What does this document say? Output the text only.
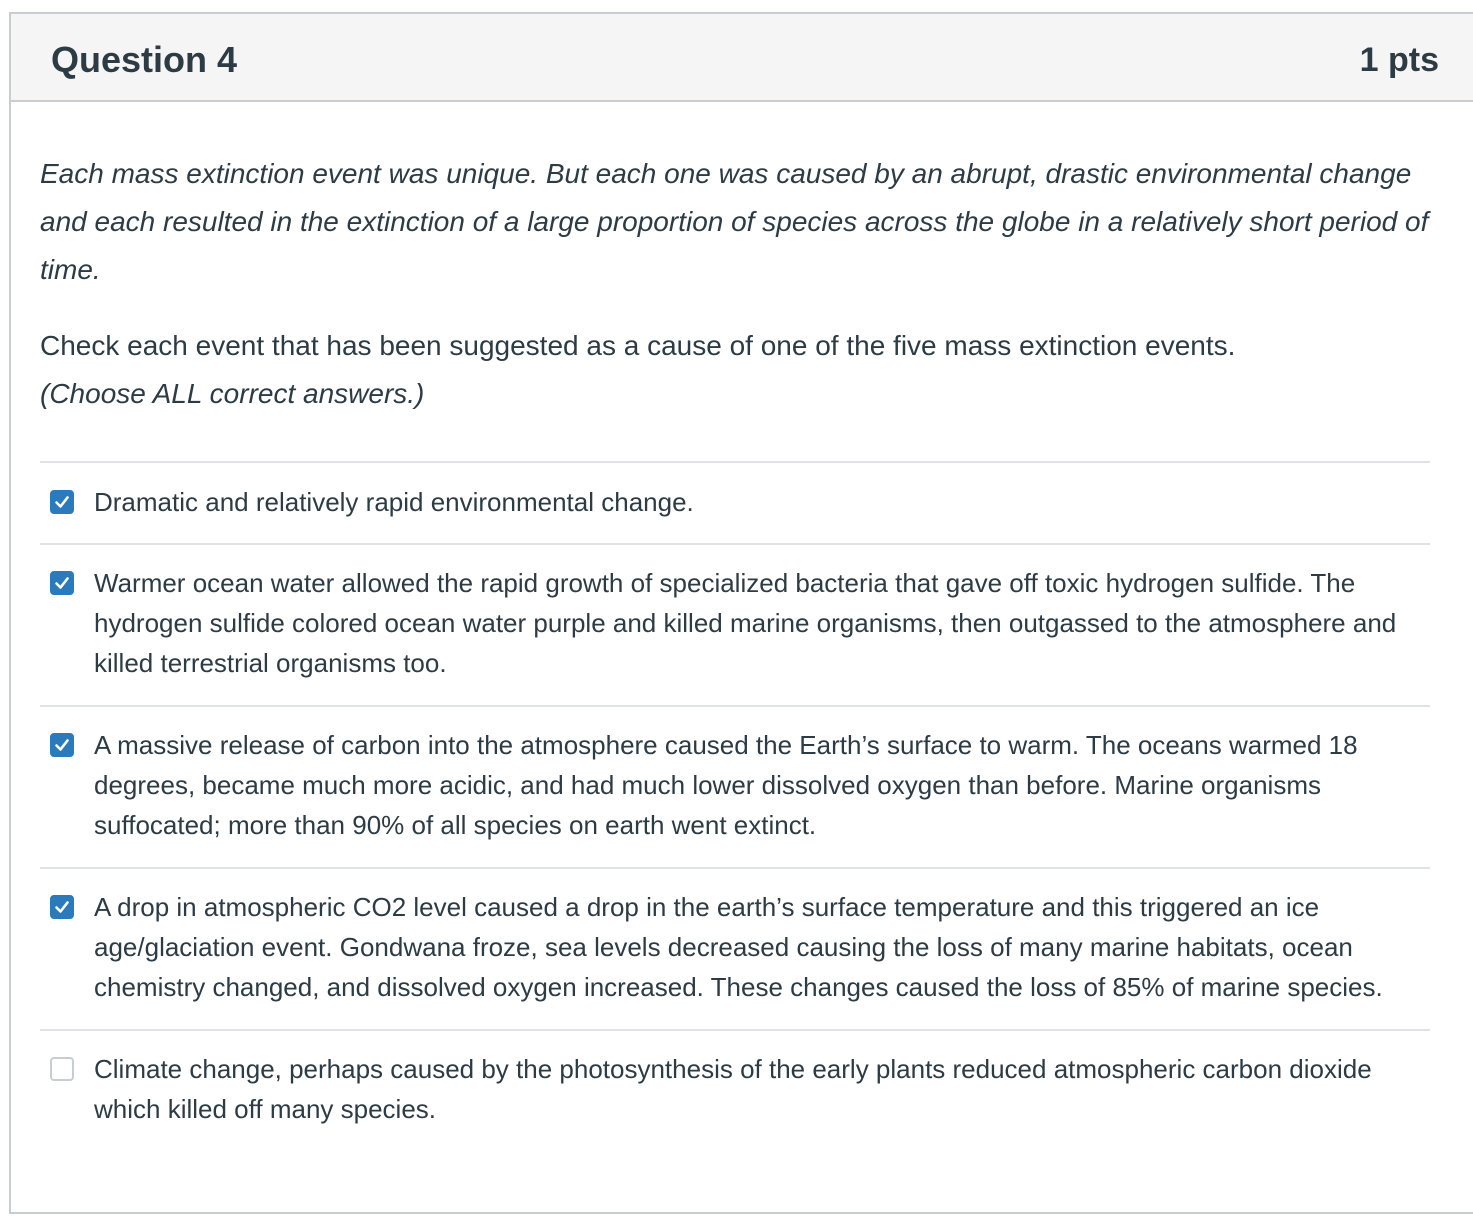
Question 4	1 pts

Each mass extinction event was unique. But each one was caused by an abrupt, drastic environmental change and each resulted in the extinction of a large proportion of species across the globe in a relatively short period of time.

Check each event that has been suggested as a cause of one of the five mass extinction events.
(Choose ALL correct answers.)

Dramatic and relatively rapid environmental change.
Warmer ocean water allowed the rapid growth of specialized bacteria that gave off toxic hydrogen sulfide. The hydrogen sulfide colored ocean water purple and killed marine organisms, then outgassed to the atmosphere and killed terrestrial organisms too.
A massive release of carbon into the atmosphere caused the Earth’s surface to warm. The oceans warmed 18 degrees, became much more acidic, and had much lower dissolved oxygen than before. Marine organisms suffocated; more than 90% of all species on earth went extinct.
A drop in atmospheric CO2 level caused a drop in the earth’s surface temperature and this triggered an ice age/glaciation event. Gondwana froze, sea levels decreased causing the loss of many marine habitats, ocean chemistry changed, and dissolved oxygen increased. These changes caused the loss of 85% of marine species.
Climate change, perhaps caused by the photosynthesis of the early plants reduced atmospheric carbon dioxide which killed off many species.
